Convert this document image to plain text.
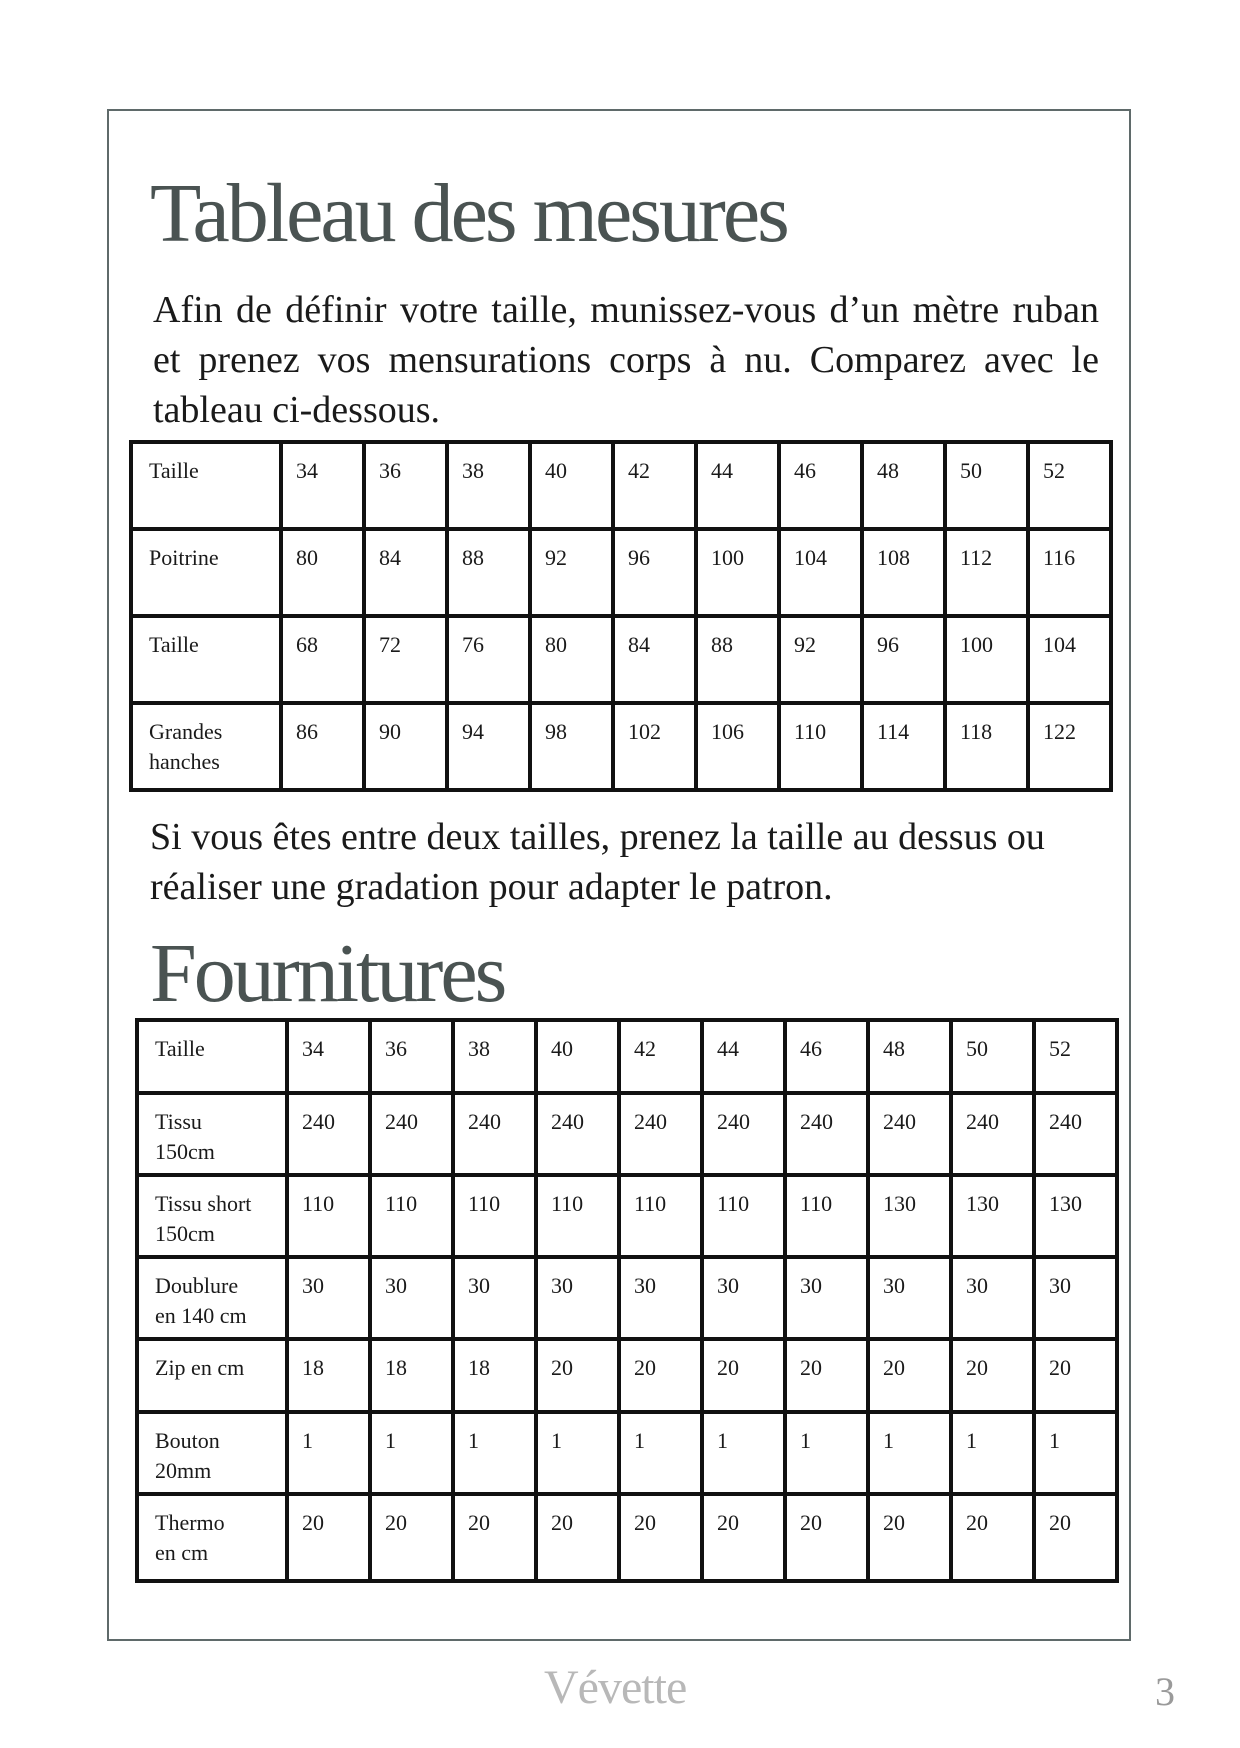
Tableau des mesures

Afin de définir votre taille, munissez-vous d’un mètre ruban et prenez vos mensurations corps à nu. Comparez avec le tableau ci-dessous.

Taille	34	36	38	40	42	44	46	48	50	52
Poitrine	80	84	88	92	96	100	104	108	112	116
Taille	68	72	76	80	84	88	92	96	100	104
Grandes
hanches	86	90	94	98	102	106	110	114	118	122

Si vous êtes entre deux tailles, prenez la taille au dessus ou réaliser une gradation pour adapter le patron.

Fournitures
Taille	34	36	38	40	42	44	46	48	50	52
Tissu
150cm	240	240	240	240	240	240	240	240	240	240
Tissu short
150cm	110	110	110	110	110	110	110	130	130	130
Doublure
en 140 cm	30	30	30	30	30	30	30	30	30	30
Zip en cm	18	18	18	20	20	20	20	20	20	20
Bouton
20mm	1	1	1	1	1	1	1	1	1	1
Thermo
en cm	20	20	20	20	20	20	20	20	20	20
Vévette	3
